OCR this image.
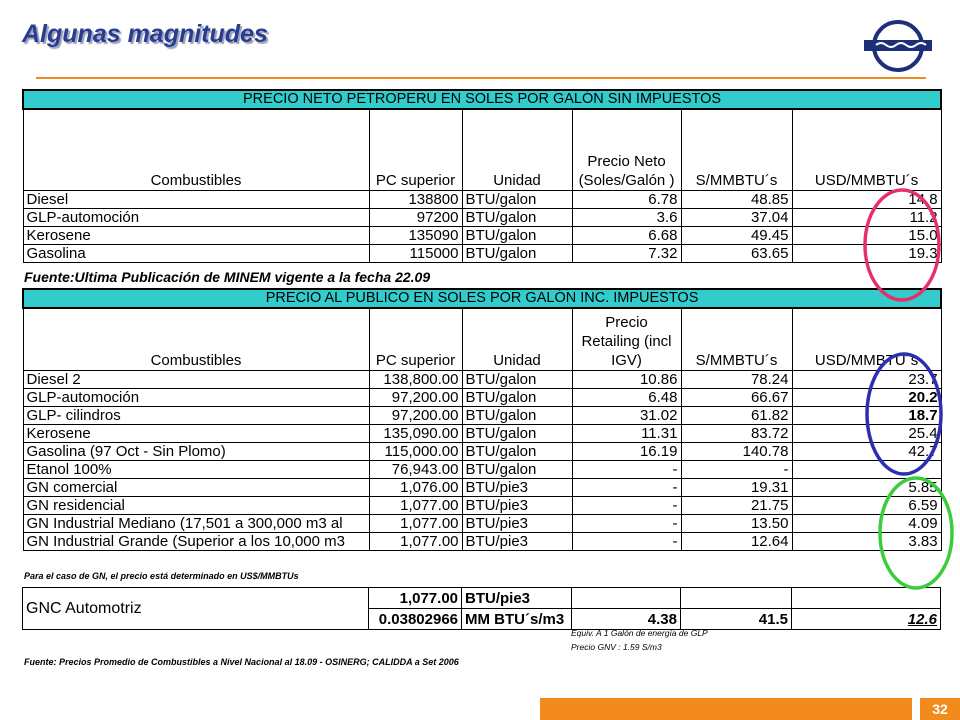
Algunas magnitudes
PRECIO NETO PETROPERU EN SOLES POR GALÓN SIN IMPUESTOS					
Combustibles	PC superior	Unidad	Precio Neto (Soles/Galón )	S/MMBTU´s	USD/MMBTU´s
Diesel	138800	BTU/galon	6.78	48.85	14.8
GLP-automoción	97200	BTU/galon	3.6	37.04	11.2
Kerosene	135090	BTU/galon	6.68	49.45	15.0
Gasolina	115000	BTU/galon	7.32	63.65	19.3
Fuente:Ultima Publicación de MINEM vigente a la fecha 22.09
PRECIO AL PUBLICO EN SOLES POR GALÓN INC. IMPUESTOS					
Combustibles	PC superior	Unidad	Precio Retailing (incl IGV)	S/MMBTU´s	USD/MMBTU´s
Diesel 2	138,800.00	BTU/galon	10.86	78.24	23.7
GLP-automoción	97,200.00	BTU/galon	6.48	66.67	20.2
GLP- cilindros	97,200.00	BTU/galon	31.02	61.82	18.7
Kerosene	135,090.00	BTU/galon	11.31	83.72	25.4
Gasolina (97 Oct - Sin Plomo)	115,000.00	BTU/galon	16.19	140.78	42.7
Etanol 100%	76,943.00	BTU/galon	-	-	
GN comercial	1,076.00	BTU/pie3	-	19.31	5.85
GN residencial	1,077.00	BTU/pie3	-	21.75	6.59
GN Industrial Mediano (17,501 a 300,000 m3 al	1,077.00	BTU/pie3	-	13.50	4.09
GN Industrial Grande (Superior a los 10,000 m3	1,077.00	BTU/pie3	-	12.64	3.83
Para el caso de GN, el precio está determinado en US$/MMBTUs
GNC Automotriz	1,077.00	BTU/pie3			
	0.03802966	MM BTU´s/m3	4.38	41.5	12.6
Equiv. A 1 Galón de energía de GLP
Precio GNV : 1.59 S/m3
Fuente: Precios Promedio de Combustibles a Nivel Nacional al 18.09 - OSINERG; CALIDDA a Set 2006
32
